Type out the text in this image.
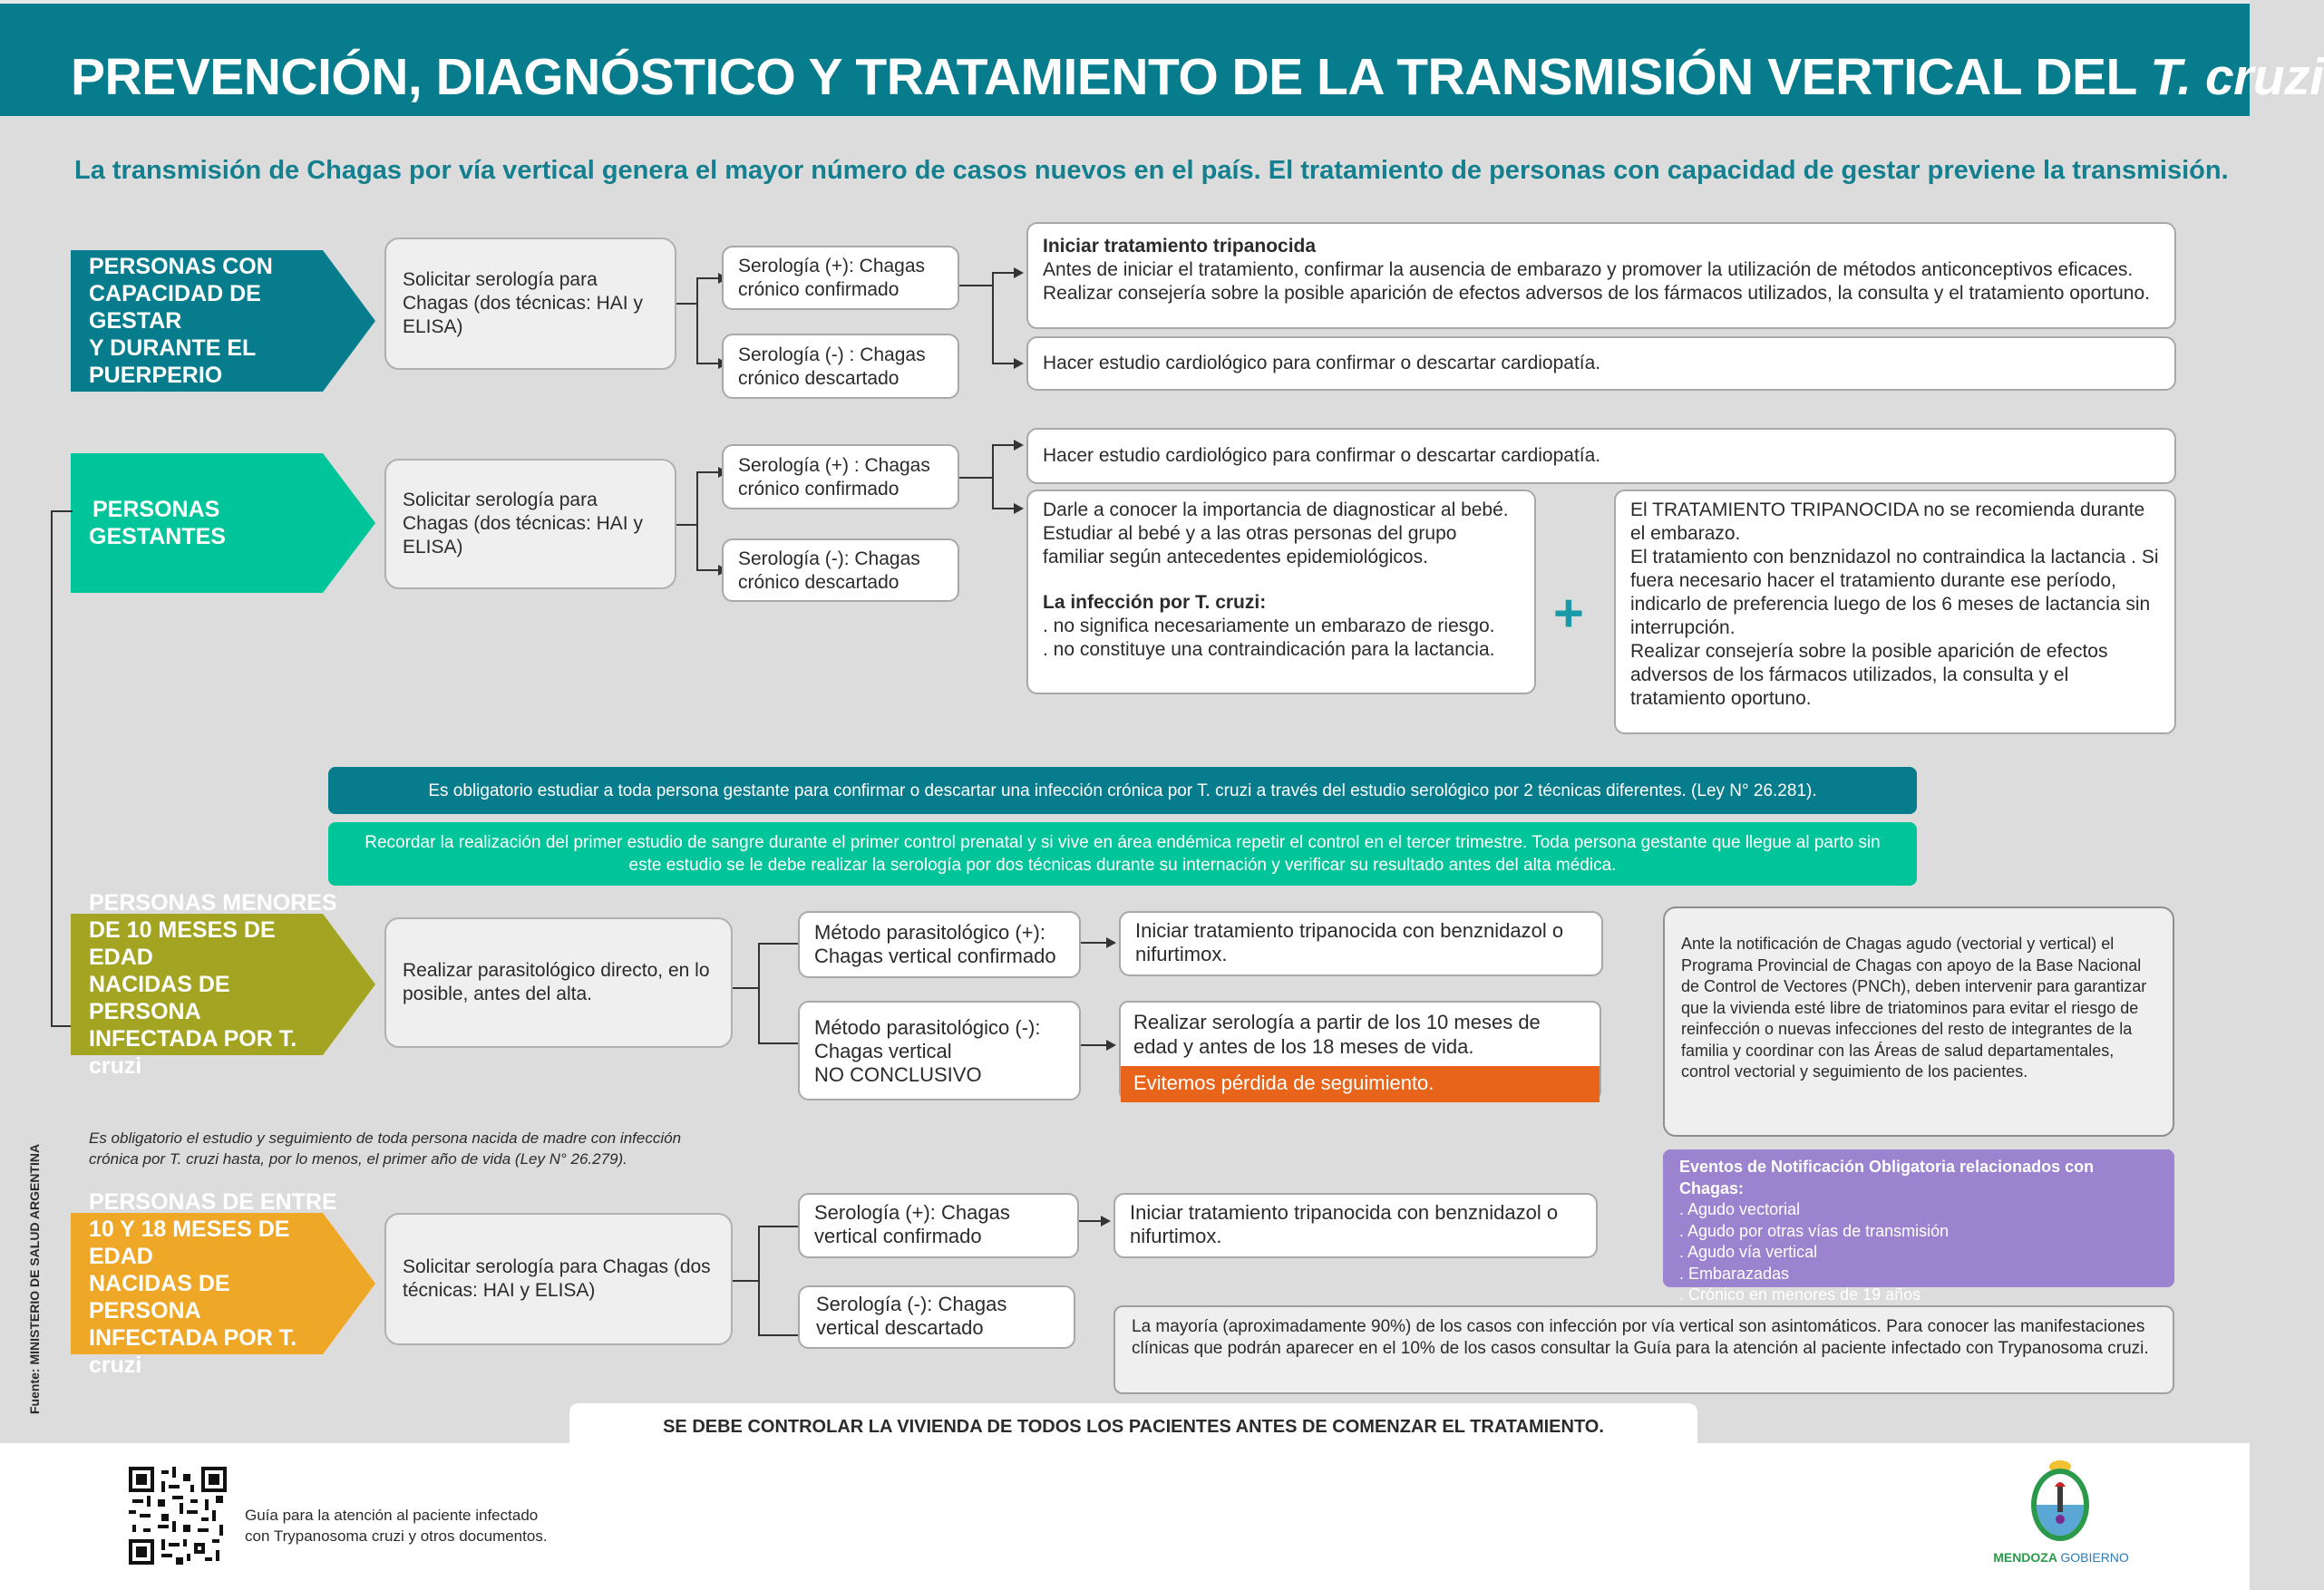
PREVENCIÓN, DIAGNÓSTICO Y TRATAMIENTO DE LA TRANSMISIÓN VERTICAL DEL T. cruzi
La transmisión de Chagas por vía vertical genera el mayor número de casos nuevos en el país. El tratamiento de personas con capacidad de gestar previene la transmisión.
PERSONAS CON
CAPACIDAD DE GESTAR
Y DURANTE EL
PUERPERIO
Solicitar serología para Chagas (dos técnicas: HAI y ELISA)
Serología (+): Chagas crónico confirmado
Serología (-) : Chagas crónico descartado
Iniciar tratamiento tripanocida
Antes de iniciar el tratamiento, confirmar la ausencia de embarazo y promover la utilización de métodos anticonceptivos eficaces. Realizar consejería sobre la posible aparición de efectos adversos de los fármacos utilizados, la consulta y el tratamiento oportuno.
Hacer estudio cardiológico para confirmar o descartar cardiopatía.
PERSONAS
GESTANTES
Solicitar serología para Chagas (dos técnicas: HAI y ELISA)
Serología (+) : Chagas crónico confirmado
Serología (-): Chagas crónico descartado
Hacer estudio cardiológico para confirmar o descartar cardiopatía.
Darle a conocer la importancia de diagnosticar al bebé. Estudiar al bebé y a las otras personas del grupo familiar según antecedentes epidemiológicos.
La infección por T. cruzi:
. no significa necesariamente un embarazo de riesgo.
. no constituye una contraindicación para la lactancia.
+
El TRATAMIENTO TRIPANOCIDA no se recomienda durante el embarazo.
El tratamiento con benznidazol no contraindica la lactancia . Si fuera necesario hacer el tratamiento durante ese período, indicarlo de preferencia luego de los 6 meses de lactancia sin interrupción.
Realizar consejería sobre la posible aparición de efectos adversos de los fármacos utilizados, la consulta y el tratamiento oportuno.
Es obligatorio estudiar a toda persona gestante para confirmar o descartar una infección crónica por T. cruzi a través del estudio serológico por 2 técnicas diferentes. (Ley N° 26.281).
Recordar la realización del primer estudio de sangre durante el primer control prenatal y si vive en área endémica repetir el control en el tercer trimestre. Toda persona gestante que llegue al parto sin este estudio se le debe realizar la serología por dos técnicas durante su internación y verificar su resultado antes del alta médica.
PERSONAS MENORES
DE 10 MESES DE EDAD
NACIDAS DE PERSONA
INFECTADA POR T. cruzi
Realizar parasitológico directo, en lo posible, antes del alta.
Método parasitológico (+): Chagas vertical confirmado
Método parasitológico (-):
Chagas vertical
NO CONCLUSIVO
Iniciar tratamiento tripanocida con benznidazol o nifurtimox.
Realizar serología a partir de los 10 meses de edad y antes de los 18 meses de vida.
Evitemos pérdida de seguimiento.
Es obligatorio el estudio y seguimiento de toda persona nacida de madre con infección crónica por T. cruzi hasta, por lo menos, el primer año de vida (Ley N° 26.279).
Ante la notificación de Chagas agudo (vectorial y vertical) el Programa Provincial de Chagas con apoyo de la Base Nacional de Control de Vectores (PNCh), deben intervenir para garantizar que la vivienda esté libre de triatominos para evitar el riesgo de reinfección o nuevas infecciones del resto de integrantes de la familia y coordinar con las Áreas de salud departamentales, control vectorial y seguimiento de los pacientes.
Eventos de Notificación Obligatoria relacionados con Chagas:
. Agudo vectorial
. Agudo por otras vías de transmisión
. Agudo vía vertical
. Embarazadas
. Crónico en menores de 19 años
PERSONAS DE ENTRE
10 Y 18 MESES DE EDAD
NACIDAS DE PERSONA
INFECTADA POR T. cruzi
Solicitar serología para Chagas (dos técnicas: HAI y ELISA)
Serología (+): Chagas vertical confirmado
Serología (-): Chagas vertical descartado
Iniciar tratamiento tripanocida con benznidazol o nifurtimox.
La mayoría (aproximadamente 90%) de los casos con infección por vía vertical son asintomáticos. Para conocer las manifestaciones clínicas que podrán aparecer en el 10% de los casos consultar la Guía para la atención al paciente infectado con Trypanosoma cruzi.
SE DEBE CONTROLAR LA VIVIENDA DE TODOS LOS PACIENTES ANTES DE COMENZAR EL TRATAMIENTO.
Fuente: MINISTERIO DE SALUD ARGENTINA
Guía para la atención al paciente infectado
con Trypanosoma cruzi y otros documentos.
MENDOZA GOBIERNO
